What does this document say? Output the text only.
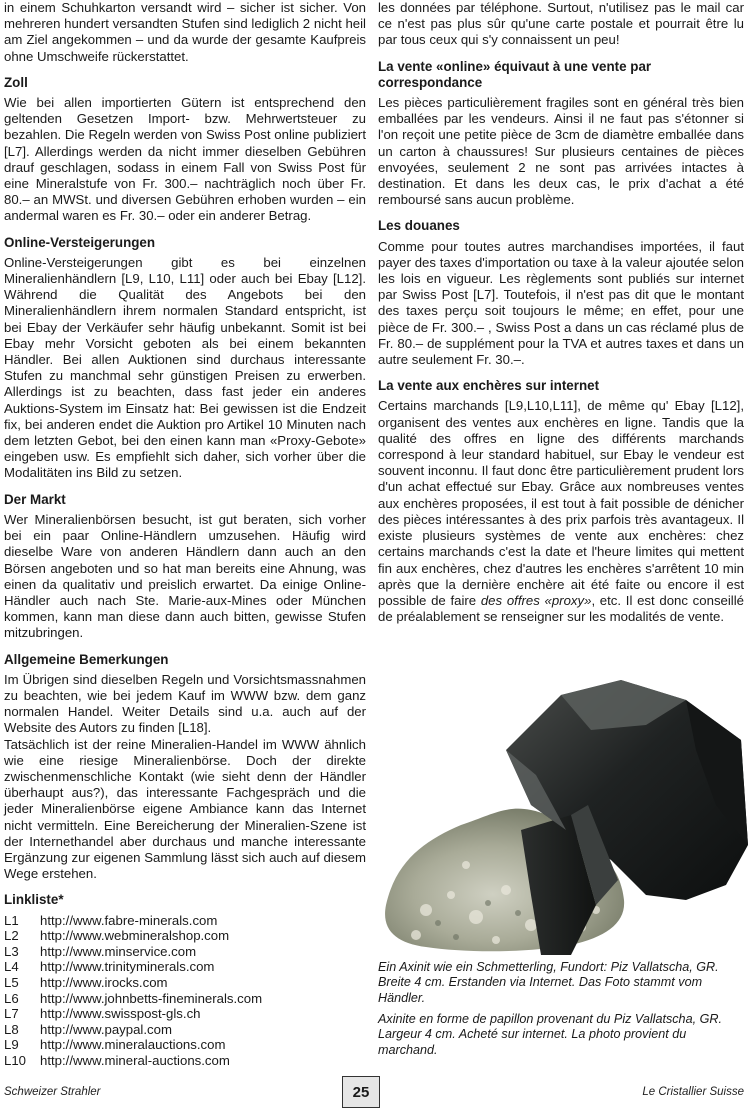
in einem Schuhkarton versandt wird – sicher ist sicher. Von mehreren hundert versandten Stufen sind lediglich 2 nicht heil am Ziel angekommen – und da wurde der gesamte Kaufpreis ohne Umschweife rückerstattet.

Zoll

Wie bei allen importierten Gütern ist entsprechend den geltenden Gesetzen Import- bzw. Mehrwertsteuer zu bezahlen. Die Regeln werden von Swiss Post online publiziert [L7]. Allerdings werden da nicht immer dieselben Gebühren drauf geschlagen, sodass in einem Fall von Swiss Post für eine Mineralstufe von Fr. 300.– nachträglich noch über Fr. 80.– an MWSt. und diversen Gebühren erhoben wurden – ein andermal waren es Fr. 30.– oder ein anderer Betrag.

Online-Versteigerungen

Online-Versteigerungen gibt es bei einzelnen Mineralienhändlern [L9, L10, L11] oder auch bei Ebay [L12]. Während die Qualität des Angebots bei den Mineralienhändlern ihrem normalen Standard entspricht, ist bei Ebay der Verkäufer sehr häufig unbekannt. Somit ist bei Ebay mehr Vorsicht geboten als bei einem bekannten Händler. Bei allen Auktionen sind durchaus interessante Stufen zu manchmal sehr günstigen Preisen zu erwerben. Allerdings ist zu beachten, dass fast jeder ein anderes Auktions-System im Einsatz hat: Bei gewissen ist die Endzeit fix, bei anderen endet die Auktion pro Artikel 10 Minuten nach dem letzten Gebot, bei den einen kann man «Proxy-Gebote» eingeben usw. Es empfiehlt sich daher, sich vorher über die Modalitäten ins Bild zu setzen.

Der Markt

Wer Mineralienbörsen besucht, ist gut beraten, sich vorher bei ein paar Online-Händlern umzusehen. Häufig wird dieselbe Ware von anderen Händlern dann auch an den Börsen angeboten und so hat man bereits eine Ahnung, was einen da qualitativ und preislich erwartet. Da einige Online-Händler auch nach Ste. Marie-aux-Mines oder München kommen, kann man diese dann auch bitten, gewisse Stufen mitzubringen.

Allgemeine Bemerkungen

Im Übrigen sind dieselben Regeln und Vorsichtsmassnahmen zu beachten, wie bei jedem Kauf im WWW bzw. dem ganz normalen Handel. Weiter Details sind u.a. auch auf der Website des Autors zu finden [L18].

Tatsächlich ist der reine Mineralien-Handel im WWW ähnlich wie eine riesige Mineralienbörse. Doch der direkte zwischenmenschliche Kontakt (wie sieht denn der Händler überhaupt aus?), das interessante Fachgespräch und die jeder Mineralienbörse eigene Ambiance kann das Internet nicht vermitteln. Eine Bereicherung der Mineralien-Szene ist der Internethandel aber durchaus und manche interessante Ergänzung zur eigenen Sammlung lässt sich auch auf diesem Wege erstehen.

Linkliste*
L1	http://www.fabre-minerals.com
L2	http://www.webmineralshop.com
L3	http://www.minservice.com
L4	http://www.trinityminerals.com
L5	http://www.irocks.com
L6	http://www.johnbetts-fineminerals.com
L7	http://www.swisspost-gls.ch
L8	http://www.paypal.com
L9	http://www.mineralauctions.com
L10	http://www.mineral-auctions.com

les données par téléphone. Surtout, n'utilisez pas le mail car ce n'est pas plus sûr qu'une carte postale et pourrait être lu par tous ceux qui s'y connaissent un peu!

La vente «online» équivaut à une vente par correspondance

Les pièces particulièrement fragiles sont en général très bien emballées par les vendeurs. Ainsi il ne faut pas s'étonner si l'on reçoit une petite pièce de 3cm de diamètre emballée dans un carton à chaussures! Sur plusieurs centaines de pièces envoyées, seulement 2 ne sont pas arrivées intactes à destination. Et dans les deux cas, le prix d'achat a été remboursé sans aucun problème.

Les douanes

Comme pour toutes autres marchandises importées, il faut payer des taxes d'importation ou taxe à la valeur ajoutée selon les lois en vigueur. Les règlements sont publiés sur internet par Swiss Post [L7]. Toutefois, il n'est pas dit que le montant des taxes perçu soit toujours le même; en effet, pour une pièce de Fr. 300.– , Swiss Post a dans un cas réclamé plus de Fr. 80.– de supplément pour la TVA et autres taxes et dans un autre seulement Fr. 30.–.

La vente aux enchères sur internet

Certains marchands [L9,L10,L11], de même qu' Ebay [L12], organisent des ventes aux enchères en ligne. Tandis que la qualité des offres en ligne des différents marchands correspond à leur standard habituel, sur Ebay le vendeur est souvent inconnu. Il faut donc être particulièrement prudent lors d'un achat effectué sur Ebay. Grâce aux nombreuses ventes aux enchères proposées, il est tout à fait possible de dénicher des pièces intéressantes à des prix parfois très avantageux. Il existe plusieurs systèmes de vente aux enchères: chez certains marchands c'est la date et l'heure limites qui mettent fin aux enchères, chez d'autres les enchères s'arrêtent 10 min après que la dernière enchère ait été faite ou encore il est possible de faire des offres «proxy», etc. Il est donc conseillé de préalablement se renseigner sur les modalités de vente.

Ein Axinit wie ein Schmetterling, Fundort: Piz Vallatscha, GR. Breite 4 cm. Erstanden via Internet. Das Foto stammt vom Händler.

Axinite en forme de papillon provenant du Piz Vallatscha, GR. Largeur 4 cm. Acheté sur internet. La photo provient du marchand.

Schweizer Strahler	25	Le Cristallier Suisse
